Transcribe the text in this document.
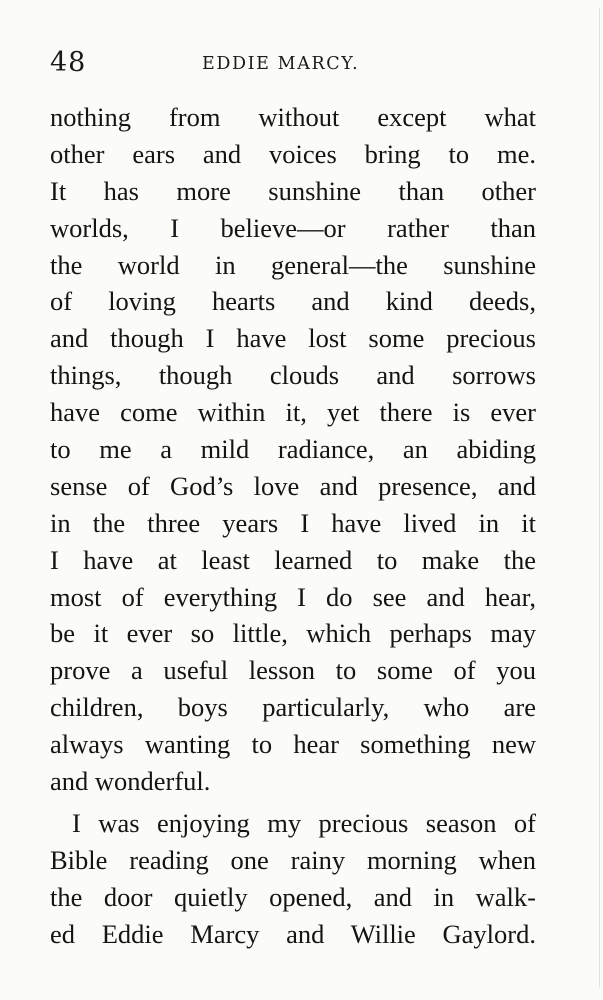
48	EDDIE MARCY.
nothing from without except what
other ears and voices bring to me.
It has more sunshine than other
worlds, I believe—or rather than
the world in general—the sunshine
of loving hearts and kind deeds,
and though I have lost some precious
things, though clouds and sorrows
have come within it, yet there is ever
to me a mild radiance, an abiding
sense of God’s love and presence, and
in the three years I have lived in it
I have at least learned to make the
most of everything I do see and hear,
be it ever so little, which perhaps may
prove a useful lesson to some of you
children, boys particularly, who are
always wanting to hear something new
and wonderful.
I was enjoying my precious season of
Bible reading one rainy morning when
the door quietly opened, and in walk-
ed Eddie Marcy and Willie Gaylord.
